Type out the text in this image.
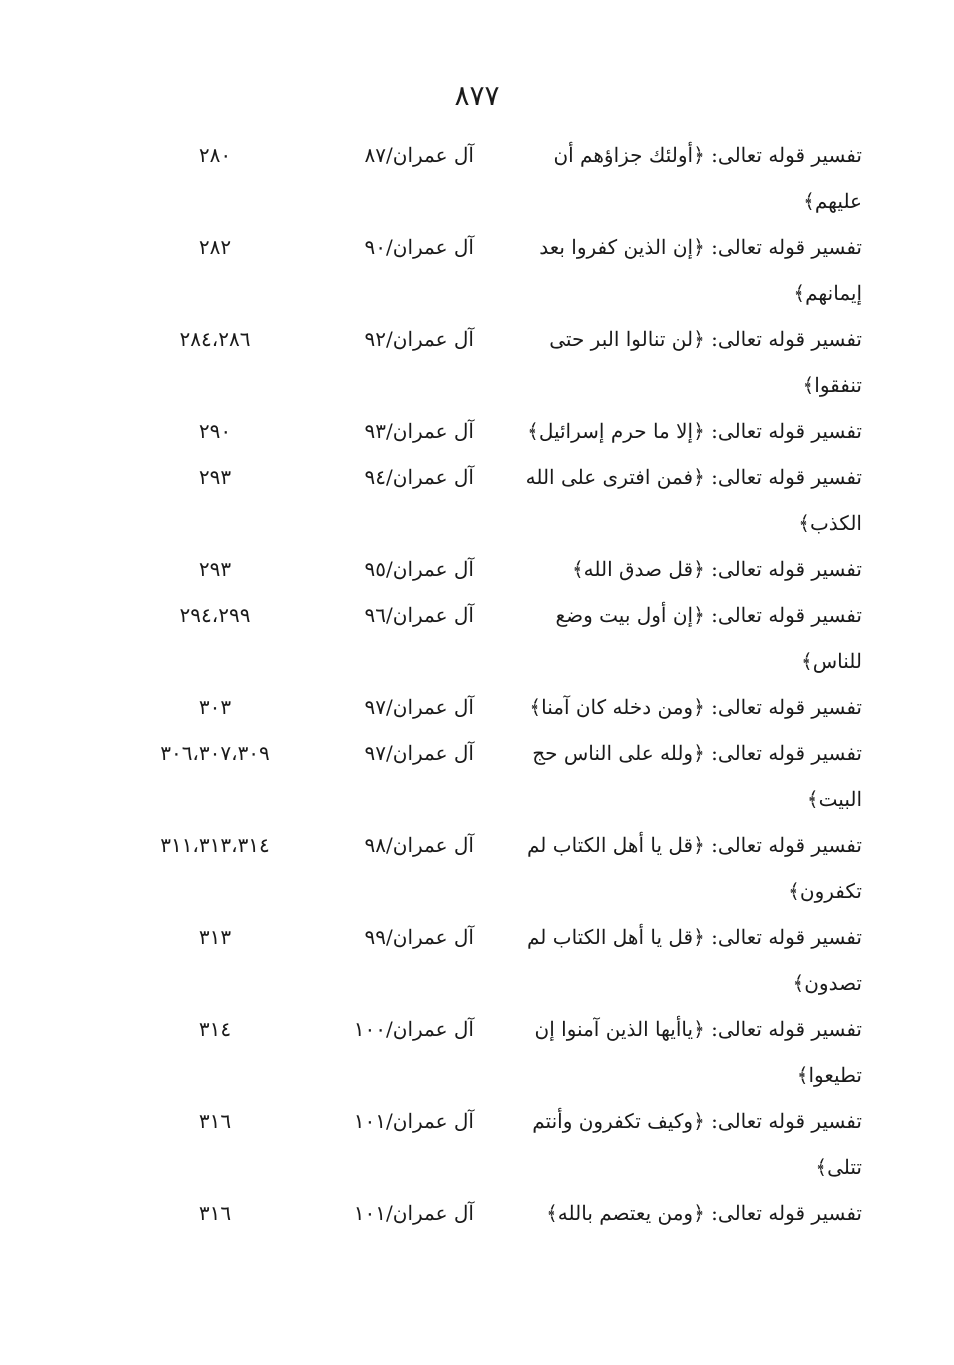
٨٧٧
تفسير قوله تعالى: ﴿أولئك جزاؤهم أن
آل عمران/٨٧
٢٨٠
عليهم﴾
تفسير قوله تعالى: ﴿إن الذين كفروا بعد
آل عمران/٩٠
٢٨٢
إيمانهم﴾
تفسير قوله تعالى: ﴿لن تنالوا البر حتى
آل عمران/٩٢
٢٨٤،٢٨٦
تنفقوا﴾
تفسير قوله تعالى: ﴿إلا ما حرم إسرائيل﴾
آل عمران/٩٣
٢٩٠
تفسير قوله تعالى: ﴿فمن افترى على الله
آل عمران/٩٤
٢٩٣
الكذب﴾
تفسير قوله تعالى: ﴿قل صدق الله﴾
آل عمران/٩٥
٢٩٣
تفسير قوله تعالى: ﴿إن أول بيت وضع
آل عمران/٩٦
٢٩٤،٢٩٩
للناس﴾
تفسير قوله تعالى: ﴿ومن دخله كان آمنا﴾
آل عمران/٩٧
٣٠٣
تفسير قوله تعالى: ﴿ولله على الناس حج
آل عمران/٩٧
٣٠٦،٣٠٧،٣٠٩
البيت﴾
تفسير قوله تعالى: ﴿قل يا أهل الكتاب لم
آل عمران/٩٨
٣١١،٣١٣،٣١٤
تكفرون﴾
تفسير قوله تعالى: ﴿قل يا أهل الكتاب لم
آل عمران/٩٩
٣١٣
تصدون﴾
تفسير قوله تعالى: ﴿ياأيها الذين آمنوا إن
آل عمران/١٠٠
٣١٤
تطيعوا﴾
تفسير قوله تعالى: ﴿وكيف تكفرون وأنتم
آل عمران/١٠١
٣١٦
تتلى﴾
تفسير قوله تعالى: ﴿ومن يعتصم بالله﴾
آل عمران/١٠١
٣١٦
